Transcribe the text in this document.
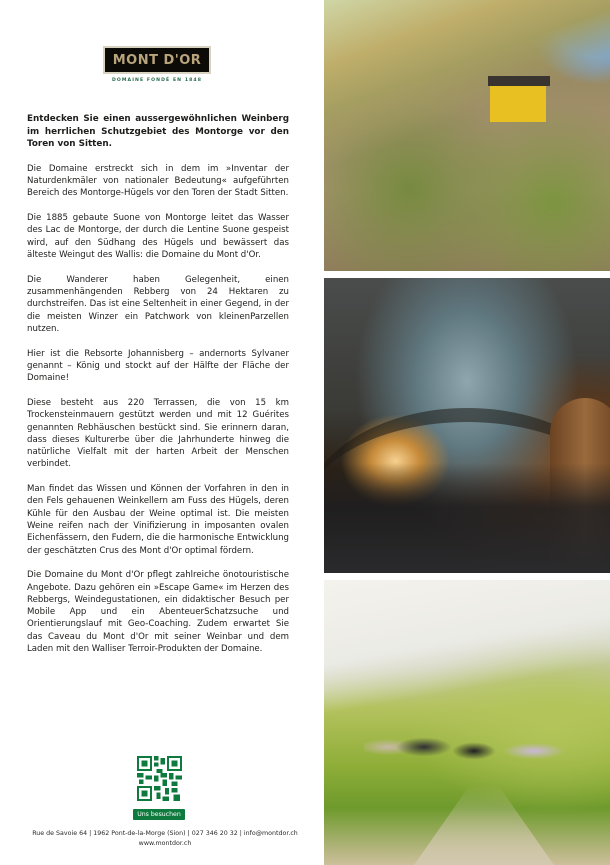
MONT D'OR
DOMAINE FONDÉ EN 1848

Entdecken Sie einen aussergewöhnlichen Weinberg im herrlichen Schutzgebiet des Montorge vor den Toren von Sitten.

Die Domaine erstreckt sich in dem im »Inventar der Naturdenkmäler von nationaler Bedeutung« aufgeführten Bereich des Montorge-Hügels vor den Toren der Stadt Sitten.

Die 1885 gebaute Suone von Montorge leitet das Wasser des Lac de Montorge, der durch die Lentine Suone gespeist wird, auf den Südhang des Hügels und bewässert das älteste Weingut des Wallis: die Domaine du Mont d'Or.

Die Wanderer haben Gelegenheit, einen zusammenhängenden Rebberg von 24 Hektaren zu durchstreifen. Das ist eine Seltenheit in einer Gegend, in der die meisten Winzer ein Patchwork von kleinenParzellen nutzen.

Hier ist die Rebsorte Johannisberg – andernorts Sylvaner genannt – König und stockt auf der Hälfte der Fläche der Domaine!

Diese besteht aus 220 Terrassen, die von 15 km Trockensteinmauern gestützt werden und mit 12 Guérites genannten Rebhäuschen bestückt sind. Sie erinnern daran, dass dieses Kulturerbe über die Jahrhunderte hinweg die natürliche Vielfalt mit der harten Arbeit der Menschen verbindet.

Man findet das Wissen und Können der Vorfahren in den in den Fels gehauenen Weinkellern am Fuss des Hügels, deren Kühle für den Ausbau der Weine optimal ist. Die meisten Weine reifen nach der Vinifizierung in imposanten ovalen Eichenfässern, den Fudern, die die harmonische Entwicklung der geschätzten Crus des Mont d'Or optimal fördern.

Die Domaine du Mont d'Or pflegt zahlreiche önotouristische Angebote. Dazu gehören ein »Escape Game« im Herzen des Rebbergs, Weindegustationen, ein didaktischer Besuch per Mobile App und ein AbenteuerSchatzsuche und Orientierungslauf mit Geo-Coaching. Zudem erwartet Sie das Caveau du Mont d'Or mit seiner Weinbar und dem Laden mit den Walliser Terroir-Produkten der Domaine.

Uns besuchen
Rue de Savoie 64 | 1962 Pont-de-la-Morge (Sion) | 027 346 20 32 | info@montdor.ch
www.montdor.ch
